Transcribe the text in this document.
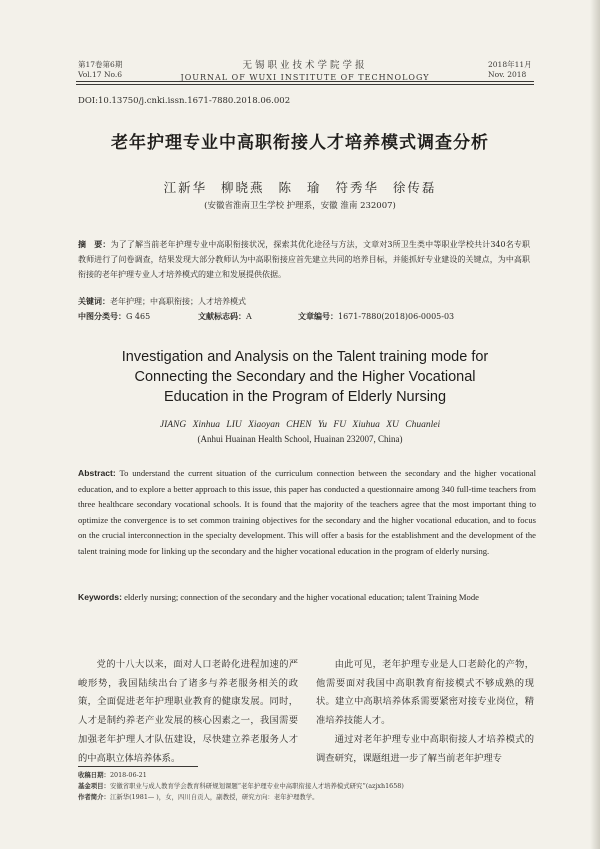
第17卷第6期
Vol.17 No.6
无锡职业技术学院学报
JOURNAL OF WUXI INSTITUTE OF TECHNOLOGY
2018年11月
Nov. 2018
DOI:10.13750/j.cnki.issn.1671-7880.2018.06.002
老年护理专业中高职衔接人才培养模式调查分析
江新华 柳晓燕 陈 瑜 符秀华 徐传磊
(安徽省淮南卫生学校 护理系，安徽 淮南 232007)
摘　要：为了了解当前老年护理专业中高职衔接状况，探索其优化途径与方法，文章对3所卫生类中等职业学校共计340名专职教师进行了问卷调查，结果发现大部分教师认为中高职衔接应首先建立共同的培养目标，并能抓好专业建设的关键点，为中高职衔接的老年护理专业人才培养模式的建立和发展提供依据。
关键词：老年护理；中高职衔接；人才培养模式
中图分类号：G 465	文献标志码：A	文章编号：1671-7880(2018)06-0005-03
Investigation and Analysis on the Talent training mode for
Connecting the Secondary and the Higher Vocational
Education in the Program of Elderly Nursing
JIANG Xinhua LIU Xiaoyan CHEN Yu FU Xiuhua XU Chuanlei
(Anhui Huainan Health School, Huainan 232007, China)
Abstract: To understand the current situation of the curriculum connection between the secondary and the higher vocational education, and to explore a better approach to this issue, this paper has conducted a questionnaire among 340 full-time teachers from three healthcare secondary vocational schools. It is found that the majority of the teachers agree that the most important thing to optimize the convergence is to set common training objectives for the secondary and the higher vocational education, and to focus on the crucial interconnection in the specialty development. This will offer a basis for the establishment and the development of the talent training mode for linking up the secondary and the higher vocational education in the program of elderly nursing.
Keywords: elderly nursing; connection of the secondary and the higher vocational education; talent Training Mode

党的十八大以来，面对人口老龄化进程加速的严峻形势，我国陆续出台了诸多与养老服务相关的政策，全面促进老年护理职业教育的健康发展。同时，人才是制约养老产业发展的核心因素之一，我国需要加强老年护理人才队伍建设，尽快建立养老服务人才的中高职立体培养体系。

由此可见，老年护理专业是人口老龄化的产物，他需要面对我国中高职教育衔接模式不够成熟的现状。建立中高职培养体系需要紧密对接专业岗位，精准培养技能人才。

通过对老年护理专业中高职衔接人才培养模式的调查研究，课题组进一步了解当前老年护理专

收稿日期：2018-06-21
基金项目：安徽省职业与成人教育学会教育科研规划课题“老年护理专业中高职衔接人才培养模式研究”(azjxh1658)
作者简介：江新华(1981— )，女，四川自贡人，副教授，研究方向：老年护理教学。
